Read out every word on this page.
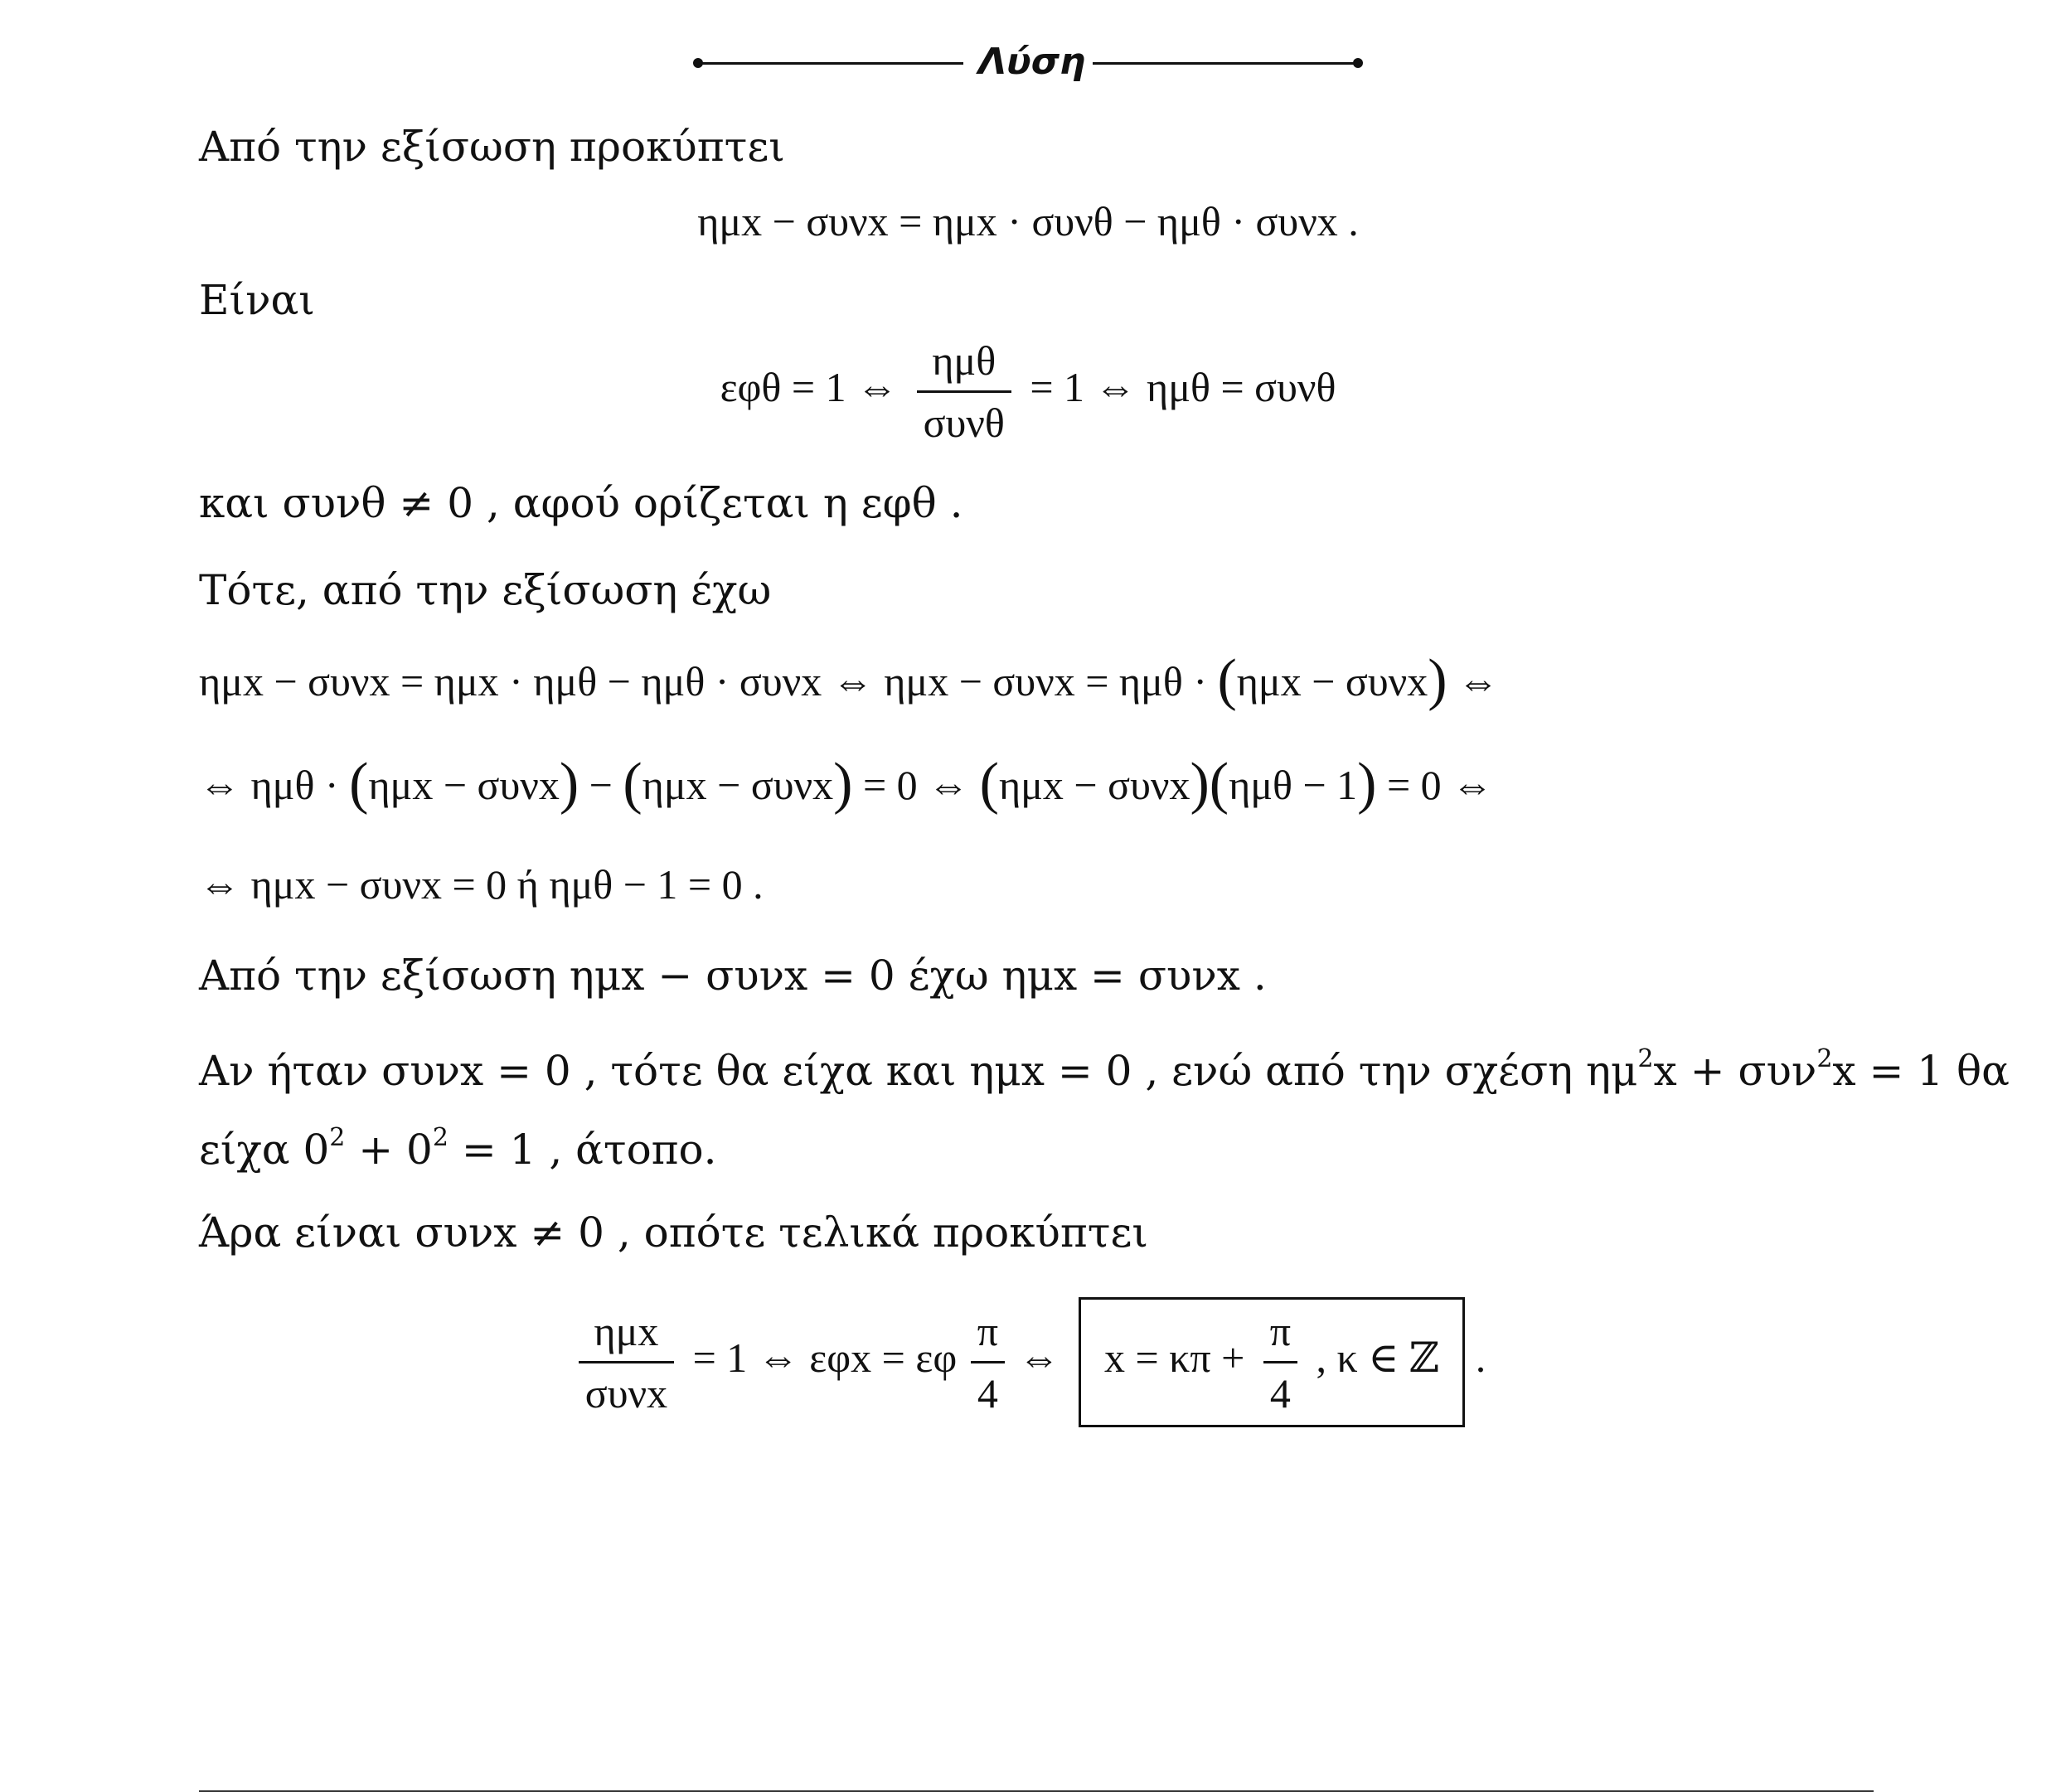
Λύση
Από την εξίσωση προκύπτει
ημx − συνx = ημx · συνθ − ημθ · συνx .
Είναι
εφθ = 1 ⇔ $\frac{\text{ημθ}}{\text{συνθ}} = 1$ ⇔ ημθ = συνθ
και συνθ ≠ 0 , αφού ορίζεται η εφθ .
Τότε, από την εξίσωση έχω
ημx − συνx = ημx · ημθ − ημθ · συνx ⇔ ημx − συνx = ημθ · (ημx − συνx) ⇔
⇔ ημθ · (ημx − συνx) − (ημx − συνx) = 0 ⇔ (ημx − συνx)(ημθ − 1) = 0 ⇔
⇔ ημx − συνx = 0 ή ημθ − 1 = 0 .
Από την εξίσωση ημx − συνx = 0 έχω ημx = συνx .
Αν ήταν συνx = 0 , τότε θα είχα και ημx = 0 , ενώ από την σχέση $\eta\mu^2x + \sigma\upsilon\nu^2x = 1$ θα
είχα $0^2 + 0^2 = 1$ , άτοπο.
Άρα είναι συνx ≠ 0 , οπότε τελικά προκύπτει
$\frac{\text{ημx}}{\text{συνx}} = 1$ ⇔ εφx = εφ $\frac{\pi}{4}$ ⇔ $x = \kappa\pi + \frac{\pi}{4}$ , κ ∈ ℤ .
